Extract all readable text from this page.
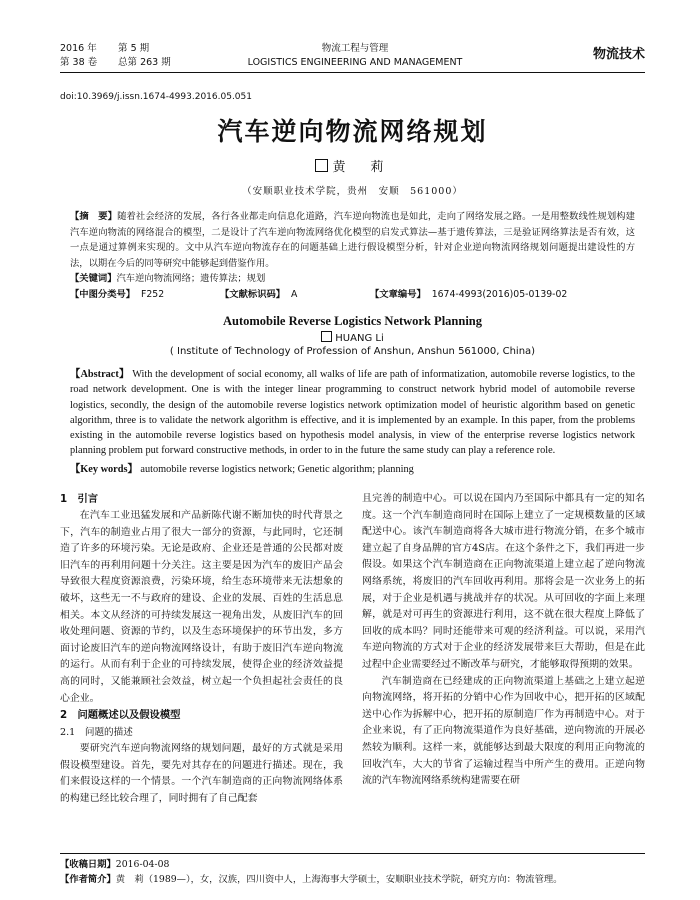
2016 年 第 5 期
第 38 卷 总第 263 期
物流工程与管理
LOGISTICS ENGINEERING AND MANAGEMENT
物流技术
doi:10.3969/j.issn.1674-4993.2016.05.051
汽车逆向物流网络规划
黄　莉
（安顺职业技术学院，贵州　安顺　561000）
【摘　要】随着社会经济的发展，各行各业都走向信息化道路，汽车逆向物流也是如此，走向了网络发展之路。一是用整数线性规划构建汽车逆向物流的网络混合的模型，二是设计了汽车逆向物流网络优化模型的启发式算法—基于遗传算法，三是验证网络算法是否有效，这一点是通过算例来实现的。文中从汽车逆向物流存在的问题基础上进行假设模型分析，针对企业逆向物流网络规划问题提出建设性的方法，以期在今后的同等研究中能够起到借鉴作用。
【关键词】汽车逆向物流网络；遗传算法；规划
【中图分类号】 F252	【文献标识码】 A	【文章编号】 1674-4993(2016)05-0139-02
Automobile Reverse Logistics Network Planning
HUANG Li
( Institute of Technology of Profession of Anshun, Anshun 561000, China)
【Abstract】 With the development of social economy, all walks of life are path of informatization, automobile reverse logistics, to the road network development. One is with the integer linear programming to construct network hybrid model of automobile reverse logistics, secondly, the design of the automobile reverse logistics network optimization model of heuristic algorithm based on genetic algorithm, three is to validate the network algorithm is effective, and it is implemented by an example. In this paper, from the problems existing in the automobile reverse logistics based on hypothesis model analysis, in view of the enterprise reverse logistics network planning problem put forward constructive methods, in order to in the future the same study can play a reference role.
【Key words】 automobile reverse logistics network; Genetic algorithm; planning
1　引言

在汽车工业迅猛发展和产品新陈代谢不断加快的时代背景之下，汽车的制造业占用了很大一部分的资源，与此同时，它还制造了许多的环境污染。无论是政府、企业还是普通的公民都对废旧汽车的再利用问题十分关注。这主要是因为汽车的废旧产品会导致很大程度资源浪费，污染环境，给生态环境带来无法想象的破坏，这些无一不与政府的建设、企业的发展、百姓的生活息息相关。本文从经济的可持续发展这一视角出发，从废旧汽车的回收处理问题、资源的节约，以及生态环境保护的环节出发，多方面讨论废旧汽车的逆向物流网络设计，有助于废旧汽车逆向物流的运行。从而有利于企业的可持续发展，使得企业的经济效益提高的同时，又能兼顾社会效益，树立起一个负担起社会责任的良心企业。

2　问题概述以及假设模型
2.1　问题的描述

要研究汽车逆向物流网络的规划问题，最好的方式就是采用假设模型建设。首先，要先对其存在的问题进行描述。现在，我们来假设这样的一个情景。一个汽车制造商的正向物流网络体系的构建已经比较合理了，同时拥有了自己配套

且完善的制造中心。可以说在国内乃至国际中都具有一定的知名度。这一个汽车制造商同时在国际上建立了一定规模数量的区域配送中心。该汽车制造商将各大城市进行物流分销，在多个城市建立起了自身品牌的官方4S店。在这个条件之下，我们再进一步假设。如果这个汽车制造商在正向物流渠道上建立起了逆向物流网络系统，将废旧的汽车回收再利用。那将会是一次业务上的拓展，对于企业是机遇与挑战并存的状况。从可回收的字面上来理解，就是对可再生的资源进行利用，这不就在很大程度上降低了回收的成本吗？同时还能带来可观的经济利益。可以说，采用汽车逆向物流的方式对于企业的经济发展带来巨大帮助，但是在此过程中企业需要经过不断改革与研究，才能够取得预期的效果。

汽车制造商在已经建成的正向物流渠道上基础之上建立起逆向物流网络，将开拓的分销中心作为回收中心，把开拓的区域配送中心作为拆解中心，把开拓的原制造厂作为再制造中心。对于企业来说，有了正向物流渠道作为良好基础，逆向物流的开展必然较为顺利。这样一来，就能够达到最大限度的利用正向物流的回收汽车，大大的节省了运输过程当中所产生的费用。正逆向物流的汽车物流网络系统构建需要在研

【收稿日期】2016-04-08
【作者简介】黄　莉（1989—），女，汉族，四川资中人，上海海事大学硕士，安顺职业技术学院，研究方向：物流管理。
